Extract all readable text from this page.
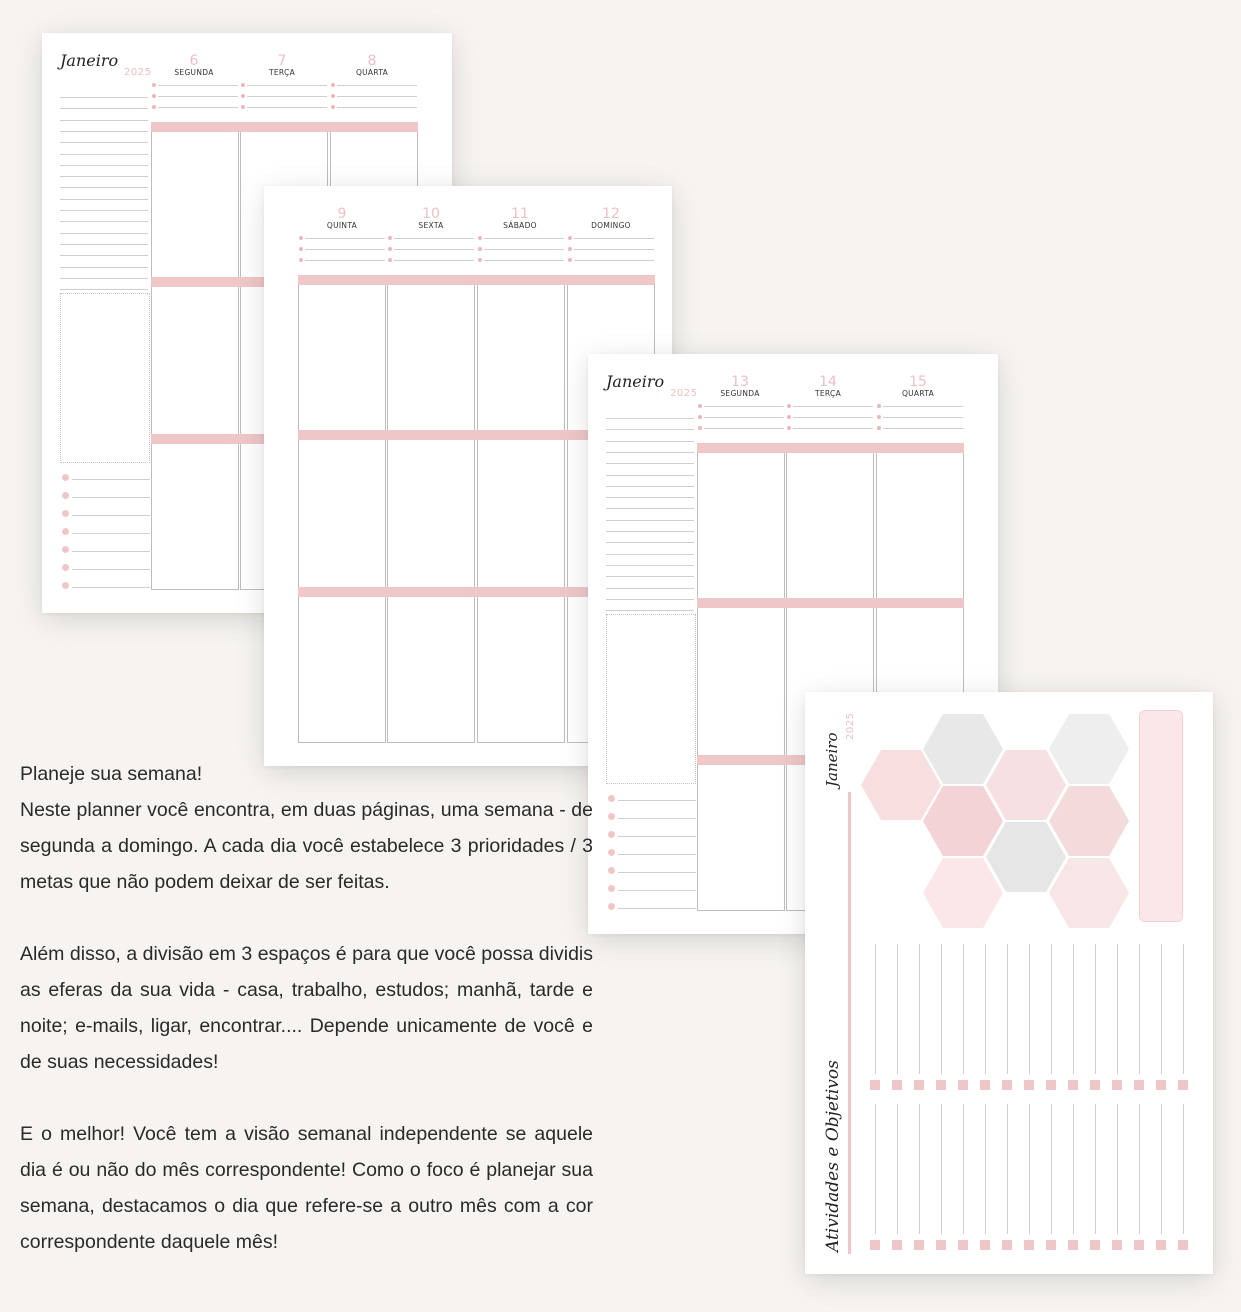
Janeiro
2025
6
SEGUNDA
7
TERÇA
8
QUARTA
9
QUINTA
10
SEXTA
11
SÁBADO
12
DOMINGO
Janeiro
2025
13
SEGUNDA
14
TERÇA
15
QUARTA
Janeiro
2025
Atividades e Objetivos

Planeje sua semana!
Neste planner você encontra, em duas páginas, uma semana - de segunda a domingo. A cada dia você estabelece 3 prioridades / 3 metas que não podem deixar de ser feitas.

Além disso, a divisão em 3 espaços é para que você possa dividis as eferas da sua vida - casa, trabalho, estudos; manhã, tarde e noite; e-mails, ligar, encontrar.... Depende unicamente de você e de suas necessidades!

E o melhor! Você tem a visão semanal independente se aquele dia é ou não do mês correspondente! Como o foco é planejar sua semana, destacamos o dia que refere-se a outro mês com a cor correspondente daquele mês!
